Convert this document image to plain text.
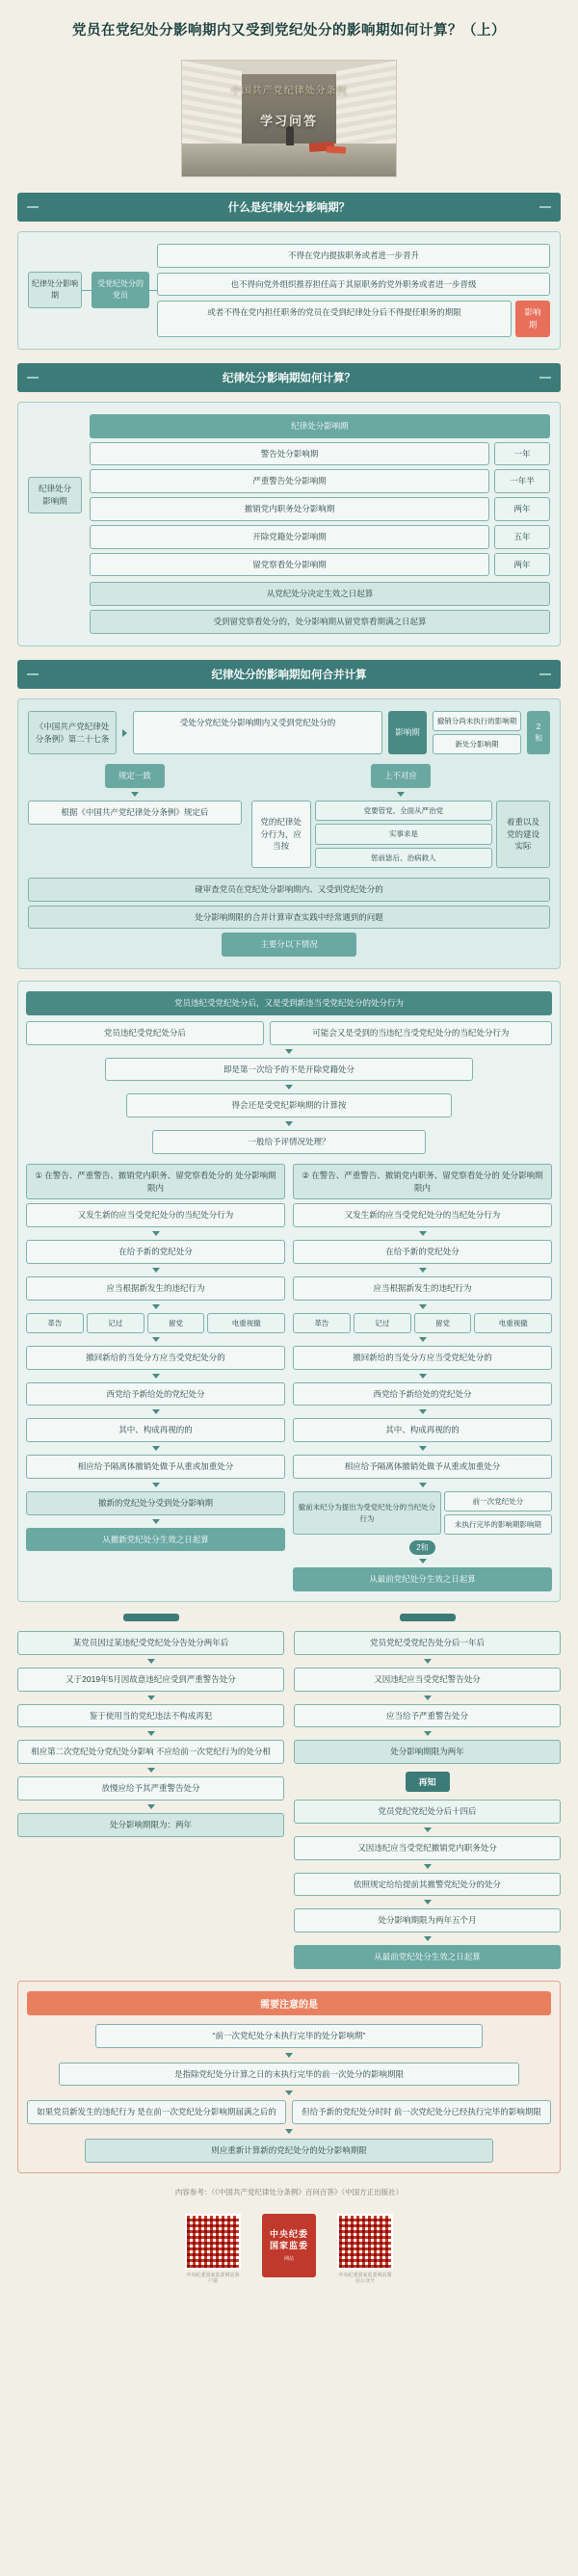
党员在党纪处分影响期内又受到党纪处分的影响期如何计算？（上）
中国共产党纪律处分条例
学习问答
什么是纪律处分影响期？
纪律处分影响期
受党纪处分的党员
不得在党内提拔职务或者进一步晋升
也不得向党外组织推荐担任高于其原职务的党外职务或者进一步晋级
或者不得在党内担任职务的党员在受到纪律处分后不得提任职务的期限	影响期
纪律处分影响期如何计算？
纪律处分影响期
纪律处分影响期
警告处分影响期	一年
严重警告处分影响期	一年半
撤销党内职务处分影响期	两年
开除党籍处分影响期	五年
留党察看处分影响期	两年
从党纪处分决定生效之日起算
受到留党察看处分的，处分影响期从留党察看期满之日起算
纪律处分的影响期如何合并计算
《中国共产党纪律处分条例》第二十七条
受处分党纪处分影响期内又受到党纪处分的
影响期
撤销分尚未执行的影响期
新处分影响期
2和
规定一致
根据《中国共产党纪律处分条例》规定后
上不对应
党的纪律处分行为，应当按
党要管党、全面从严治党
实事求是
惩前毖后、治病救人
着重以及党的建设实际
碰审查党员在党纪处分影响期内、又受到党纪处分的
处分影响期限的合并计算审查实践中经常遇到的问题
主要分以下情况
党员违纪受党纪处分后，又是受到新违当受党纪处分的处分行为
党员违纪受党纪处分后	可能会又是受到的当违纪当受党纪处分的当纪处分行为
即是第一次给予的不是开除党籍处分
得会还是受党纪影响期的计算按
一般给予评情况处理？
① 在警告、严重警告、撤销党内职务、留党察看处分的 处分影响期限内
又发生新的应当受党纪处分的当纪处分行为
在给予新的党纪处分
应当根据新发生的违纪行为
革告	记过	留党	电重视撤
撤回新给的当处分方应当受党纪处分的
西党给予新给处的党纪处分
其中、构成再视的的
相应给予隔离体撤销处做予从重或加重处分
撤新的党纪处分受到处分影响期
从撤新党纪处分生效之日起算
② 在警告、严重警告、撤销党内职务、留党察看处分的 处分影响期限内
又发生新的应当受党纪处分的当纪处分行为
在给予新的党纪处分
应当根据新发生的违纪行为
革告	记过	留党	电重视撤
撤回新给的当处分方应当受党纪处分的
西党给予新给处的党纪处分
其中、构成再视的的
相应给予隔离体撤销处做予从重或加重处分
撤前未纪分为提出为受党纪处分的当纪处分行为
前一次党纪处分
未执行完毕的影响期影响期
2和
从最前党纪处分生效之日起算
某党员因过某违纪受党纪处分告处分两年后
又于2019年5月因故意违纪应受到严重警告处分
鉴于使用当的党纪违法不构成再犯
相应第二次党纪处分党纪处分影响 不应给前一次党纪行为的处分相
放慢应给予其严重警告处分
处分影响期限为：两年
党员党纪受党纪告处分后一年后
又因违纪应当受党纪警告处分
应当给予严重警告处分
处分影响期限为两年
再知
党员党纪党纪处分后十四后
又因违纪应当受党纪撤销党内职务处分
依照规定给给提前其撤警党纪处分的处分
处分影响期限为两年五个月
从最前党纪处分生效之日起算
需要注意的是
“前一次党纪处分未执行完毕的处分影响期”
是指除党纪处分计算之日的末执行完毕的前一次处分的影响期限
如果党员新发生的违纪行为 是在前一次党纪处分影响期届满之后的	但给予新的党纪处分时时 前一次党纪处分已经执行完毕的影响期限
则应重新计算新的党纪处分的处分影响期限
内容参考：（《中国共产党纪律处分条例》百问百答》（中国方正出版社）
中央纪委国家监委网站客户端
中央纪委
国家监委
网站
中央纪委国家监委网站微信公众号
